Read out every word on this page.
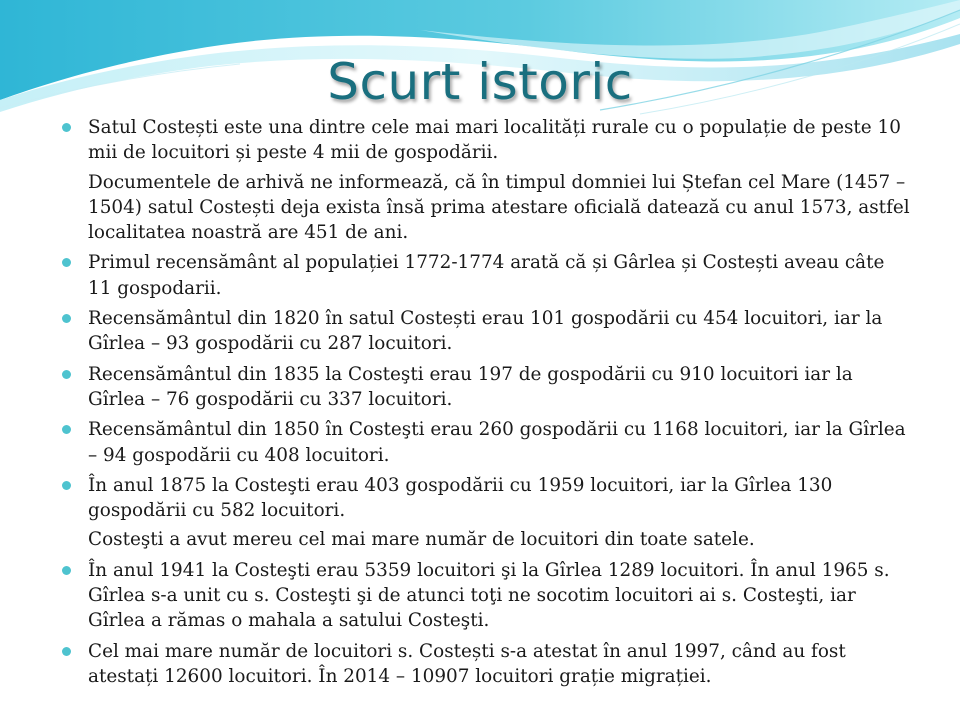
Scurt istoric
Satul Costești este una dintre cele mai mari localități rurale cu o populație de peste 10 mii de locuitori și peste 4 mii de gospodării.
Documentele de arhivă ne informează, că în timpul domniei lui Ștefan cel Mare (1457 – 1504) satul Costești deja exista însă prima atestare oficială datează cu anul 1573, astfel localitatea noastră are 451 de ani.
Primul recensământ al populației 1772-1774 arată că și Gârlea și Costești aveau câte 11 gospodarii.
Recensământul din 1820 în satul Costești erau 101 gospodării cu 454 locuitori, iar la Gîrlea – 93 gospodării cu 287 locuitori.
Recensământul din 1835 la Costeşti erau 197 de gospodării cu 910 locuitori iar la Gîrlea – 76 gospodării cu 337 locuitori.
Recensământul din 1850 în Costeşti erau 260 gospodării cu 1168 locuitori, iar la Gîrlea – 94 gospodării cu 408 locuitori.
În anul 1875 la Costeşti erau 403 gospodării cu 1959 locuitori, iar la Gîrlea 130 gospodării cu 582 locuitori.
Costeşti a avut mereu cel mai mare număr de locuitori din toate satele.
În anul 1941 la Costeşti erau 5359 locuitori şi la Gîrlea 1289 locuitori. În anul 1965 s. Gîrlea s-a unit cu s. Costeşti şi de atunci toţi ne socotim locuitori ai s. Costeşti, iar Gîrlea a rămas o mahala a satului Costeşti.
Cel mai mare număr de locuitori s. Costești s-a atestat în anul 1997, când au fost atestați 12600 locuitori. În 2014 – 10907 locuitori grație migrației.
